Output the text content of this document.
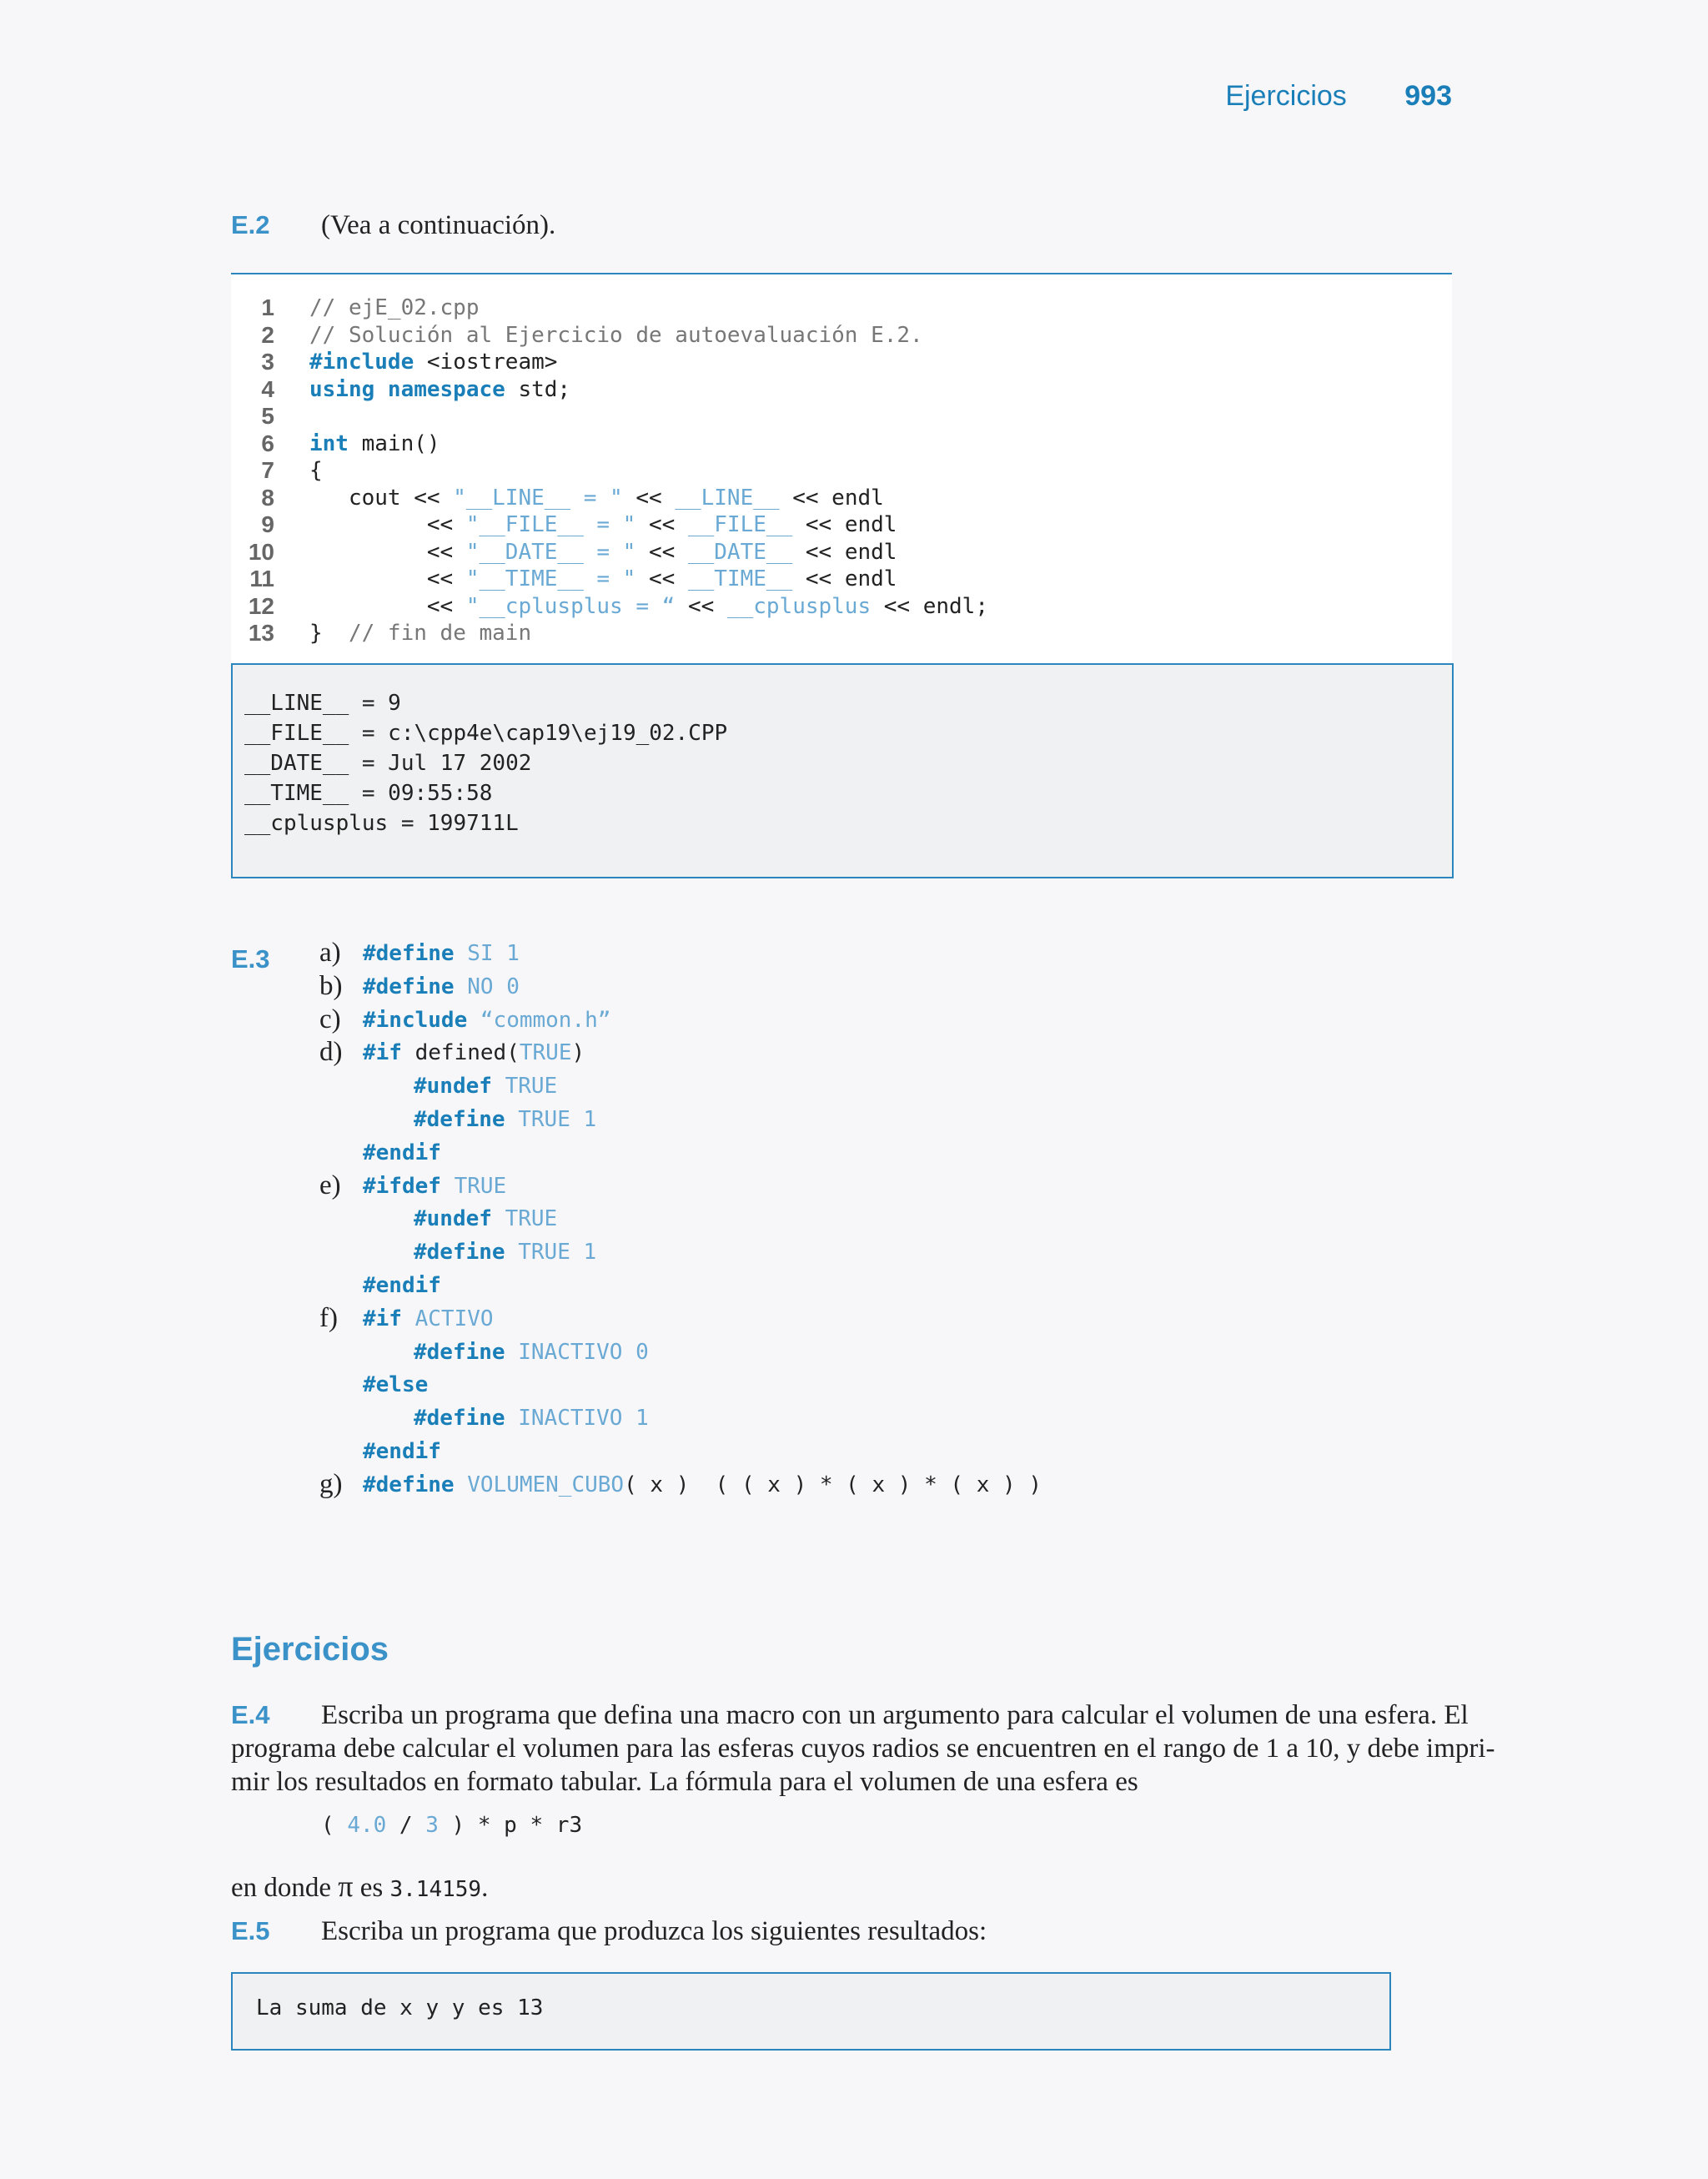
Ejercicios 993
E.2 (Vea a continuación).
1 // ejE_02.cpp
2 // Solución al Ejercicio de autoevaluación E.2.
3 #include <iostream>
4 using namespace std;
5
6 int main()
7 {
8 cout << "__LINE__ = " << __LINE__ << endl
9 << "__FILE__ = " << __FILE__ << endl
10 << "__DATE__ = " << __DATE__ << endl
11 << "__TIME__ = " << __TIME__ << endl
12 << "__cplusplus = “ << __cplusplus << endl;
13 }  // fin de main
__LINE__ = 9
__FILE__ = c:\cpp4e\cap19\ej19_02.CPP
__DATE__ = Jul 17 2002
__TIME__ = 09:55:58
__cplusplus = 199711L
E.3 a) #define SI 1
b) #define NO 0
c) #include “common.h”
d) #if defined(TRUE)
#undef TRUE
#define TRUE 1
#endif
e) #ifdef TRUE
#undef TRUE
#define TRUE 1
#endif
f) #if ACTIVO
#define INACTIVO 0
#else
#define INACTIVO 1
#endif
g) #define VOLUMEN_CUBO( x )  ( ( x ) * ( x ) * ( x ) )
Ejercicios
E.4 Escriba un programa que defina una macro con un argumento para calcular el volumen de una esfera. El
programa debe calcular el volumen para las esferas cuyos radios se encuentren en el rango de 1 a 10, y debe impri-
mir los resultados en formato tabular. La fórmula para el volumen de una esfera es
( 4.0 / 3 ) * p * r3
en donde π es 3.14159.
E.5 Escriba un programa que produzca los siguientes resultados:
La suma de x y y es 13
